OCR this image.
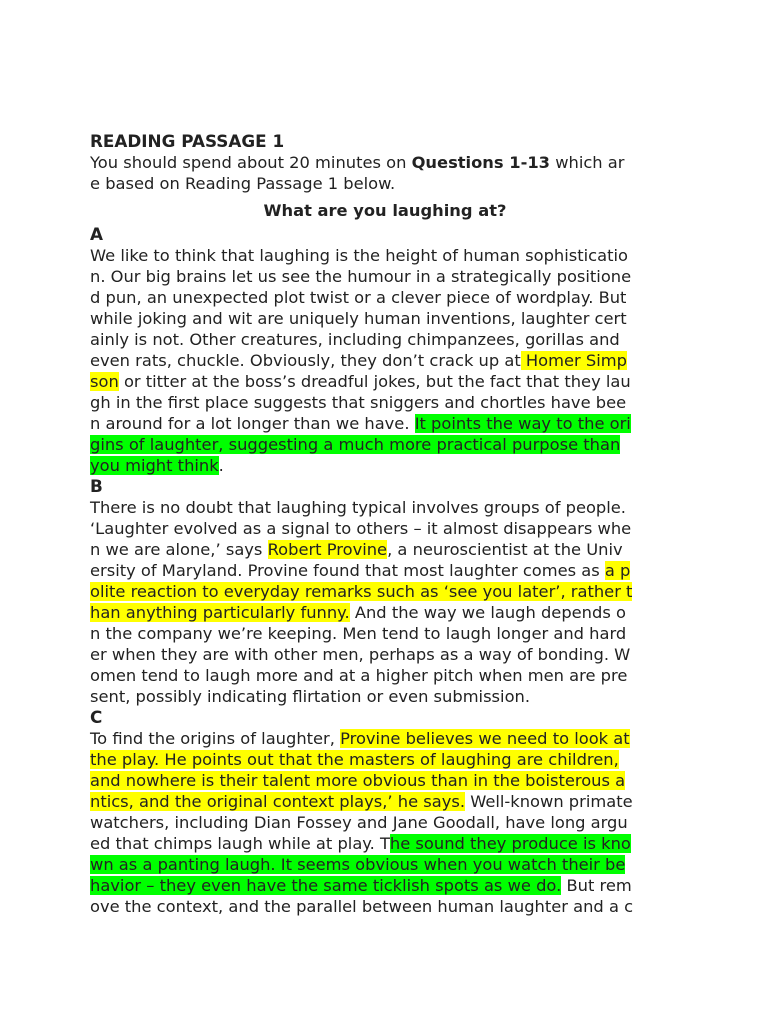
READING PASSAGE 1
You should spend about 20 minutes on Questions 1-13 which ar
e based on Reading Passage 1 below.
What are you laughing at?
A
We like to think that laughing is the height of human sophisticatio
n. Our big brains let us see the humour in a strategically positione
d pun, an unexpected plot twist or a clever piece of wordplay. But
while joking and wit are uniquely human inventions, laughter cert
ainly is not. Other creatures, including chimpanzees, gorillas and
even rats, chuckle. Obviously, they don’t crack up at Homer Simp
son or titter at the boss’s dreadful jokes, but the fact that they lau
gh in the first place suggests that sniggers and chortles have bee
n around for a lot longer than we have. It points the way to the ori
gins of laughter, suggesting a much more practical purpose than
you might think.
B
There is no doubt that laughing typical involves groups of people.
‘Laughter evolved as a signal to others – it almost disappears whe
n we are alone,’ says Robert Provine, a neuroscientist at the Univ
ersity of Maryland. Provine found that most laughter comes as a p
olite reaction to everyday remarks such as ‘see you later’, rather t
han anything particularly funny. And the way we laugh depends o
n the company we’re keeping. Men tend to laugh longer and hard
er when they are with other men, perhaps as a way of bonding. W
omen tend to laugh more and at a higher pitch when men are pre
sent, possibly indicating flirtation or even submission.
C
To find the origins of laughter, Provine believes we need to look at
the play. He points out that the masters of laughing are children,
and nowhere is their talent more obvious than in the boisterous a
ntics, and the original context plays,’ he says. Well-known primate
watchers, including Dian Fossey and Jane Goodall, have long argu
ed that chimps laugh while at play. The sound they produce is kno
wn as a panting laugh. It seems obvious when you watch their be
havior – they even have the same ticklish spots as we do. But rem
ove the context, and the parallel between human laughter and a c
